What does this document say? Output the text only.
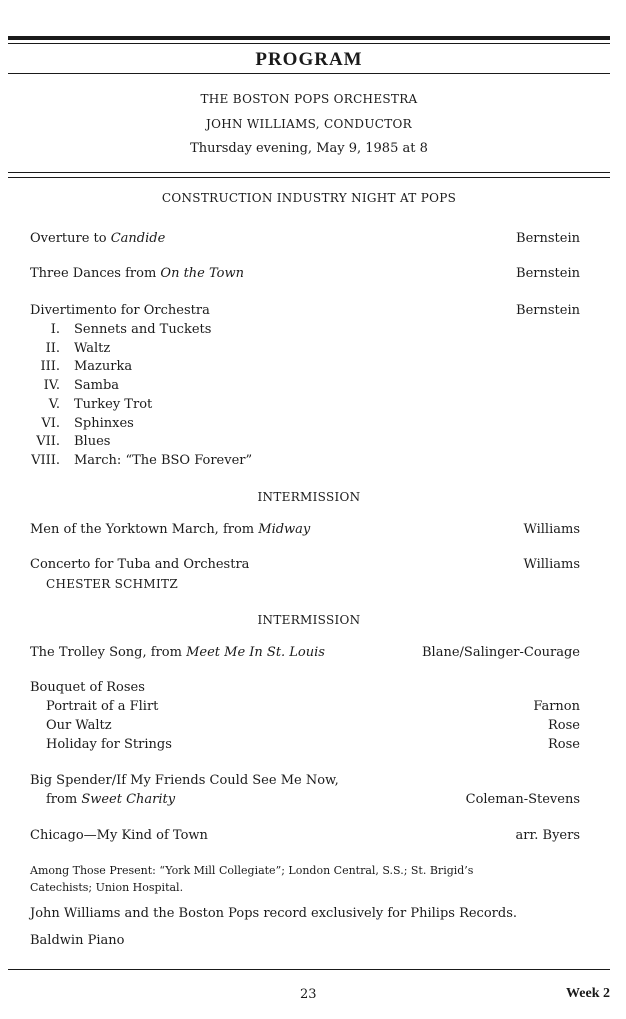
PROGRAM
THE BOSTON POPS ORCHESTRA
JOHN WILLIAMS, CONDUCTOR
Thursday evening, May 9, 1985 at 8
CONSTRUCTION INDUSTRY NIGHT AT POPS
Overture to Candide	Bernstein
Three Dances from On the Town	Bernstein
Divertimento for Orchestra	Bernstein
I. Sennets and Tuckets
II. Waltz
III. Mazurka
IV. Samba
V. Turkey Trot
VI. Sphinxes
VII. Blues
VIII. March: “The BSO Forever”
INTERMISSION
Men of the Yorktown March, from Midway	Williams
Concerto for Tuba and Orchestra	Williams
CHESTER SCHMITZ
INTERMISSION
The Trolley Song, from Meet Me In St. Louis	Blane/Salinger-Courage
Bouquet of Roses
Portrait of a Flirt	Farnon
Our Waltz	Rose
Holiday for Strings	Rose
Big Spender/If My Friends Could See Me Now,
from Sweet Charity	Coleman-Stevens
Chicago—My Kind of Town	arr. Byers
Among Those Present: “York Mill Collegiate”; London Central, S.S.; St. Brigid’s
Catechists; Union Hospital.
John Williams and the Boston Pops record exclusively for Philips Records.
Baldwin Piano
23	Week 2
